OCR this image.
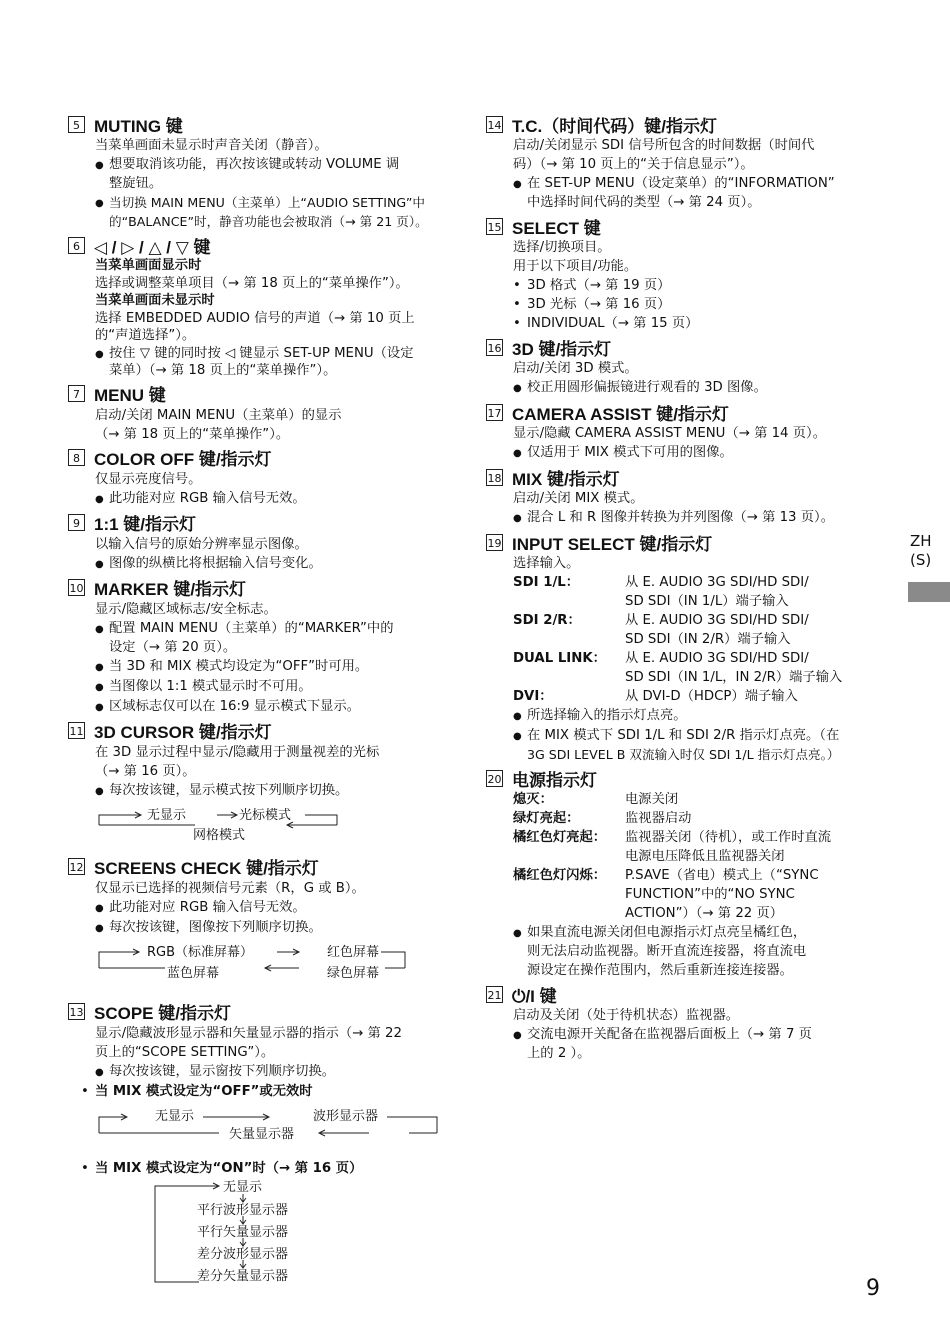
5 MUTING 键
当菜单画面未显示时声音关闭（静音）。
●
想要取消该功能，再次按该键或转动 VOLUME 调
整旋钮。
●
当切换 MAIN MENU（主菜单）上“AUDIO SETTING”中
的“BALANCE”时，静音功能也会被取消（→ 第 21 页）。
6 ◁ / ▷ / △ / ▽ 键
当菜单画面显示时
选择或调整菜单项目（→ 第 18 页上的“菜单操作”）。
当菜单画面未显示时
选择 EMBEDDED AUDIO 信号的声道（→ 第 10 页上
的“声道选择”）。
●
按住 ▽ 键的同时按 ◁ 键显示 SET-UP MENU（设定
菜单）（→ 第 18 页上的“菜单操作”）。
7 MENU 键
启动/关闭 MAIN MENU（主菜单）的显示
（→ 第 18 页上的“菜单操作”）。
8 COLOR OFF 键/指示灯
仅显示亮度信号。
●
此功能对应 RGB 输入信号无效。
9 1:1 键/指示灯
以输入信号的原始分辨率显示图像。
●
图像的纵横比将根据输入信号变化。
10 MARKER 键/指示灯
显示/隐藏区域标志/安全标志。
●
配置 MAIN MENU（主菜单）的“MARKER”中的
设定（→ 第 20 页）。
●
当 3D 和 MIX 模式均设定为“OFF”时可用。
●
当图像以 1:1 模式显示时不可用。
●
区域标志仅可以在 16:9 显示模式下显示。
11 3D CURSOR 键/指示灯
在 3D 显示过程中显示/隐藏用于测量视差的光标
（→ 第 16 页）。
●
每次按该键，显示模式按下列顺序切换。
无显示	光标模式
网格模式
12 SCREENS CHECK 键/指示灯
仅显示已选择的视频信号元素（R，G 或 B）。
●
此功能对应 RGB 输入信号无效。
●
每次按该键，图像按下列顺序切换。
RGB（标准屏幕）	红色屏幕
蓝色屏幕	绿色屏幕
13 SCOPE 键/指示灯
显示/隐藏波形显示器和矢量显示器的指示（→ 第 22
页上的“SCOPE SETTING”）。
●
每次按该键，显示窗按下列顺序切换。
•
当 MIX 模式设定为“OFF”或无效时
无显示	波形显示器
矢量显示器
•
当 MIX 模式设定为“ON”时（→ 第 16 页）
无显示
平行波形显示器
平行矢量显示器
差分波形显示器
差分矢量显示器
14 T.C.（时间代码）键/指示灯
启动/关闭显示 SDI 信号所包含的时间数据（时间代
码）（→ 第 10 页上的“关于信息显示”）。
●
在 SET-UP MENU（设定菜单）的“INFORMATION”
中选择时间代码的类型（→ 第 24 页）。
15 SELECT 键
选择/切换项目。
用于以下项目/功能。
•
3D 格式（→ 第 19 页）
•
3D 光标（→ 第 16 页）
•
INDIVIDUAL（→ 第 15 页）
16 3D 键/指示灯
启动/关闭 3D 模式。
●
校正用圆形偏振镜进行观看的 3D 图像。
17 CAMERA ASSIST 键/指示灯
显示/隐藏 CAMERA ASSIST MENU（→ 第 14 页）。
●
仅适用于 MIX 模式下可用的图像。
18 MIX 键/指示灯
启动/关闭 MIX 模式。
●
混合 L 和 R 图像并转换为并列图像（→ 第 13 页）。
19 INPUT SELECT 键/指示灯
选择输入。
SDI 1/L：	从 E. AUDIO 3G SDI/HD SDI/
SD SDI（IN 1/L）端子输入
SDI 2/R：	从 E. AUDIO 3G SDI/HD SDI/
SD SDI（IN 2/R）端子输入
DUAL LINK：	从 E. AUDIO 3G SDI/HD SDI/
SD SDI（IN 1/L，IN 2/R）端子输入
DVI：	从 DVI-D（HDCP）端子输入
●
所选择输入的指示灯点亮。
●
在 MIX 模式下 SDI 1/L 和 SDI 2/R 指示灯点亮。（在
3G SDI LEVEL B 双流输入时仅 SDI 1/L 指示灯点亮。）
20 电源指示灯
熄灭：	电源关闭
绿灯亮起：	监视器启动
橘红色灯亮起：	监视器关闭（待机），或工作时直流
电源电压降低且监视器关闭
橘红色灯闪烁：	P.SAVE（省电）模式上（“SYNC
FUNCTION”中的“NO SYNC
ACTION”）（→ 第 22 页）
●
如果直流电源关闭但电源指示灯点亮呈橘红色，
则无法启动监视器。断开直流连接器，将直流电
源设定在操作范围内，然后重新连接连接器。
21 ⏻/I 键
启动及关闭（处于待机状态）监视器。
●
交流电源开关配备在监视器后面板上（→ 第 7 页
上的 2 ）。
ZH
(S)
9
